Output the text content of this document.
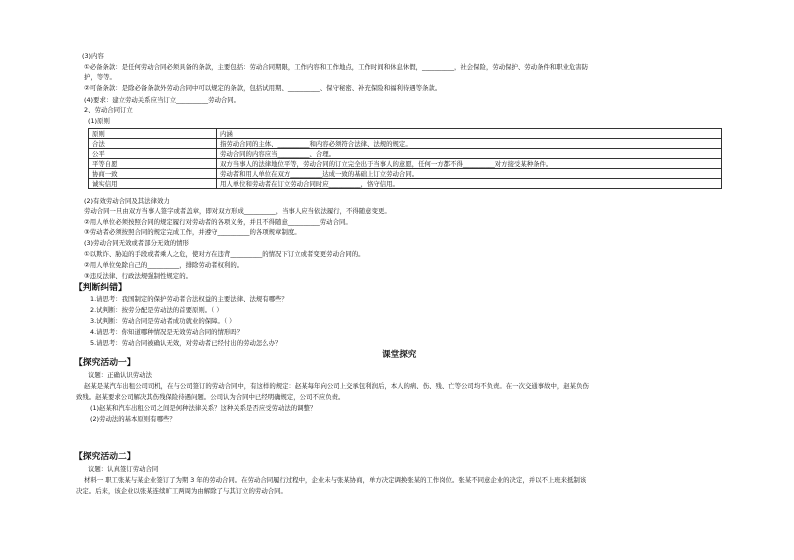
(3)内容
①必备条款：是任何劳动合同必须具备的条款，主要包括：劳动合同期限，工作内容和工作地点，工作时间和休息休假，__________，社会保险，劳动保护、劳动条件和职业危害防
护，等等。
②可备条款：是除必备条款外劳动合同中可以规定的条款，包括试用期、__________、保守秘密、补充保险和福利待遇等条款。
(4)要求：建立劳动关系应当订立__________劳动合同。
2、劳动合同订立
(1)原则
原则	内涵
合法	指劳动合同的主体、__________和内容必须符合法律、法规的规定。
公平	劳动合同的内容应当__________、合理。
平等自愿	双方当事人的法律地位平等，劳动合同的订立完全出于当事人的意愿，任何一方都不得__________对方接受某种条件。
协商一致	劳动者和用人单位在双方__________达成一致的基础上订立劳动合同。
诚实信用	用人单位和劳动者在订立劳动合同时应__________，恪守信用。
(2)有效劳动合同及其法律效力
劳动合同一旦由双方当事人签字或者盖章，即对双方形成__________，当事人应当依法履行，不得随意变更。
②用人单位必须按照合同的规定履行对劳动者的各项义务，并且不得随意__________劳动合同。
③劳动者必须按照合同的规定完成工作，并遵守__________的各项规章制度。
(3)劳动合同无效或者部分无效的情形
①以欺诈、胁迫的手段或者乘人之危，使对方在违背__________的情况下订立或者变更劳动合同的。
②用人单位免除自己的__________，排除劳动者权利的。
③违反法律、行政法规强制性规定的。
【判断纠错】
1.请思考：我国制定的保护劳动者合法权益的主要法律、法规有哪些？
2.试判断：按劳分配是劳动法的首要原则。（ ）
3.试判断：劳动合同是劳动者成功就业的保障。（ ）
4.请思考：你知道哪种情况是无效劳动合同的情形吗？
5.请思考：劳动合同被确认无效，对劳动者已经付出的劳动怎么办？
课堂探究
【探究活动一】
议题：正确认识劳动法
赵某是某汽车出租公司司机，在与公司签订的劳动合同中，有这样的规定：赵某每年向公司上交承包利润后，本人的病、伤、残、亡等公司均不负责。在一次交通事故中，赵某负伤
致残。赵某要求公司解决其伤残保险待遇问题。公司认为合同中已经明确规定，公司不应负责。
(1)赵某和汽车出租公司之间是何种法律关系？这种关系是否应受劳动法的调整？
(2)劳动法的基本原则有哪些？
【探究活动二】
议题：认真签订劳动合同
材料一 职工张某与某企业签订了为期 3 年的劳动合同。在劳动合同履行过程中，企业未与张某协商，单方决定调换张某的工作岗位。张某不同意企业的决定，并以不上班来抵制该
决定。后来，该企业以张某连续旷工两周为由解除了与其订立的劳动合同。
